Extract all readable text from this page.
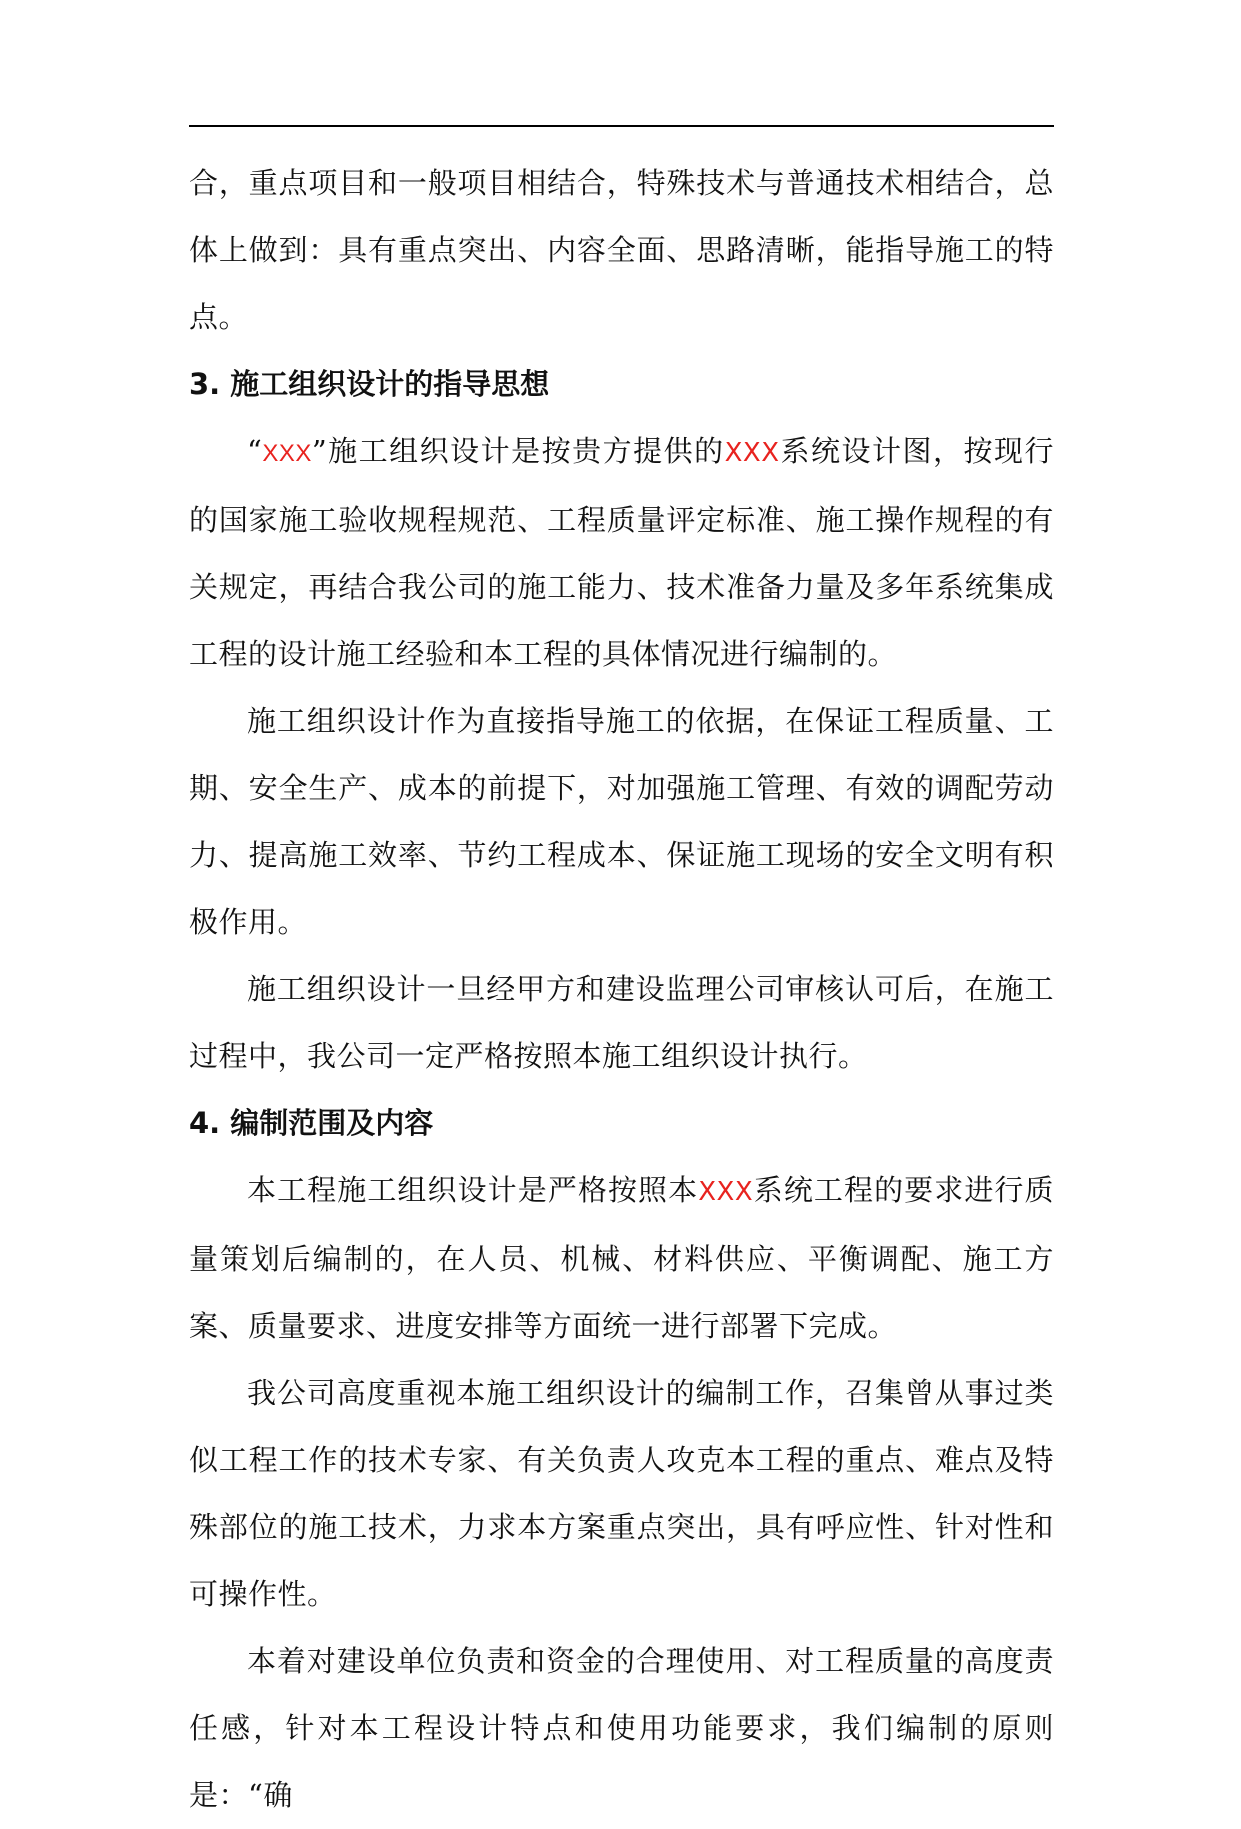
合，重点项目和一般项目相结合，特殊技术与普通技术相结合，总体上做到：具有重点突出、内容全面、思路清晰，能指导施工的特点。

3. 施工组织设计的指导思想

“XXX”施工组织设计是按贵方提供的XXX系统设计图，按现行的国家施工验收规程规范、工程质量评定标准、施工操作规程的有关规定，再结合我公司的施工能力、技术准备力量及多年系统集成工程的设计施工经验和本工程的具体情况进行编制的。

施工组织设计作为直接指导施工的依据，在保证工程质量、工期、安全生产、成本的前提下，对加强施工管理、有效的调配劳动力、提高施工效率、节约工程成本、保证施工现场的安全文明有积极作用。

施工组织设计一旦经甲方和建设监理公司审核认可后，在施工过程中，我公司一定严格按照本施工组织设计执行。

4. 编制范围及内容

本工程施工组织设计是严格按照本XXX系统工程的要求进行质量策划后编制的，在人员、机械、材料供应、平衡调配、施工方案、质量要求、进度安排等方面统一进行部署下完成。

我公司高度重视本施工组织设计的编制工作，召集曾从事过类似工程工作的技术专家、有关负责人攻克本工程的重点、难点及特殊部位的施工技术，力求本方案重点突出，具有呼应性、针对性和可操作性。

本着对建设单位负责和资金的合理使用、对工程质量的高度责任感，针对本工程设计特点和使用功能要求，我们编制的原则是：“确
